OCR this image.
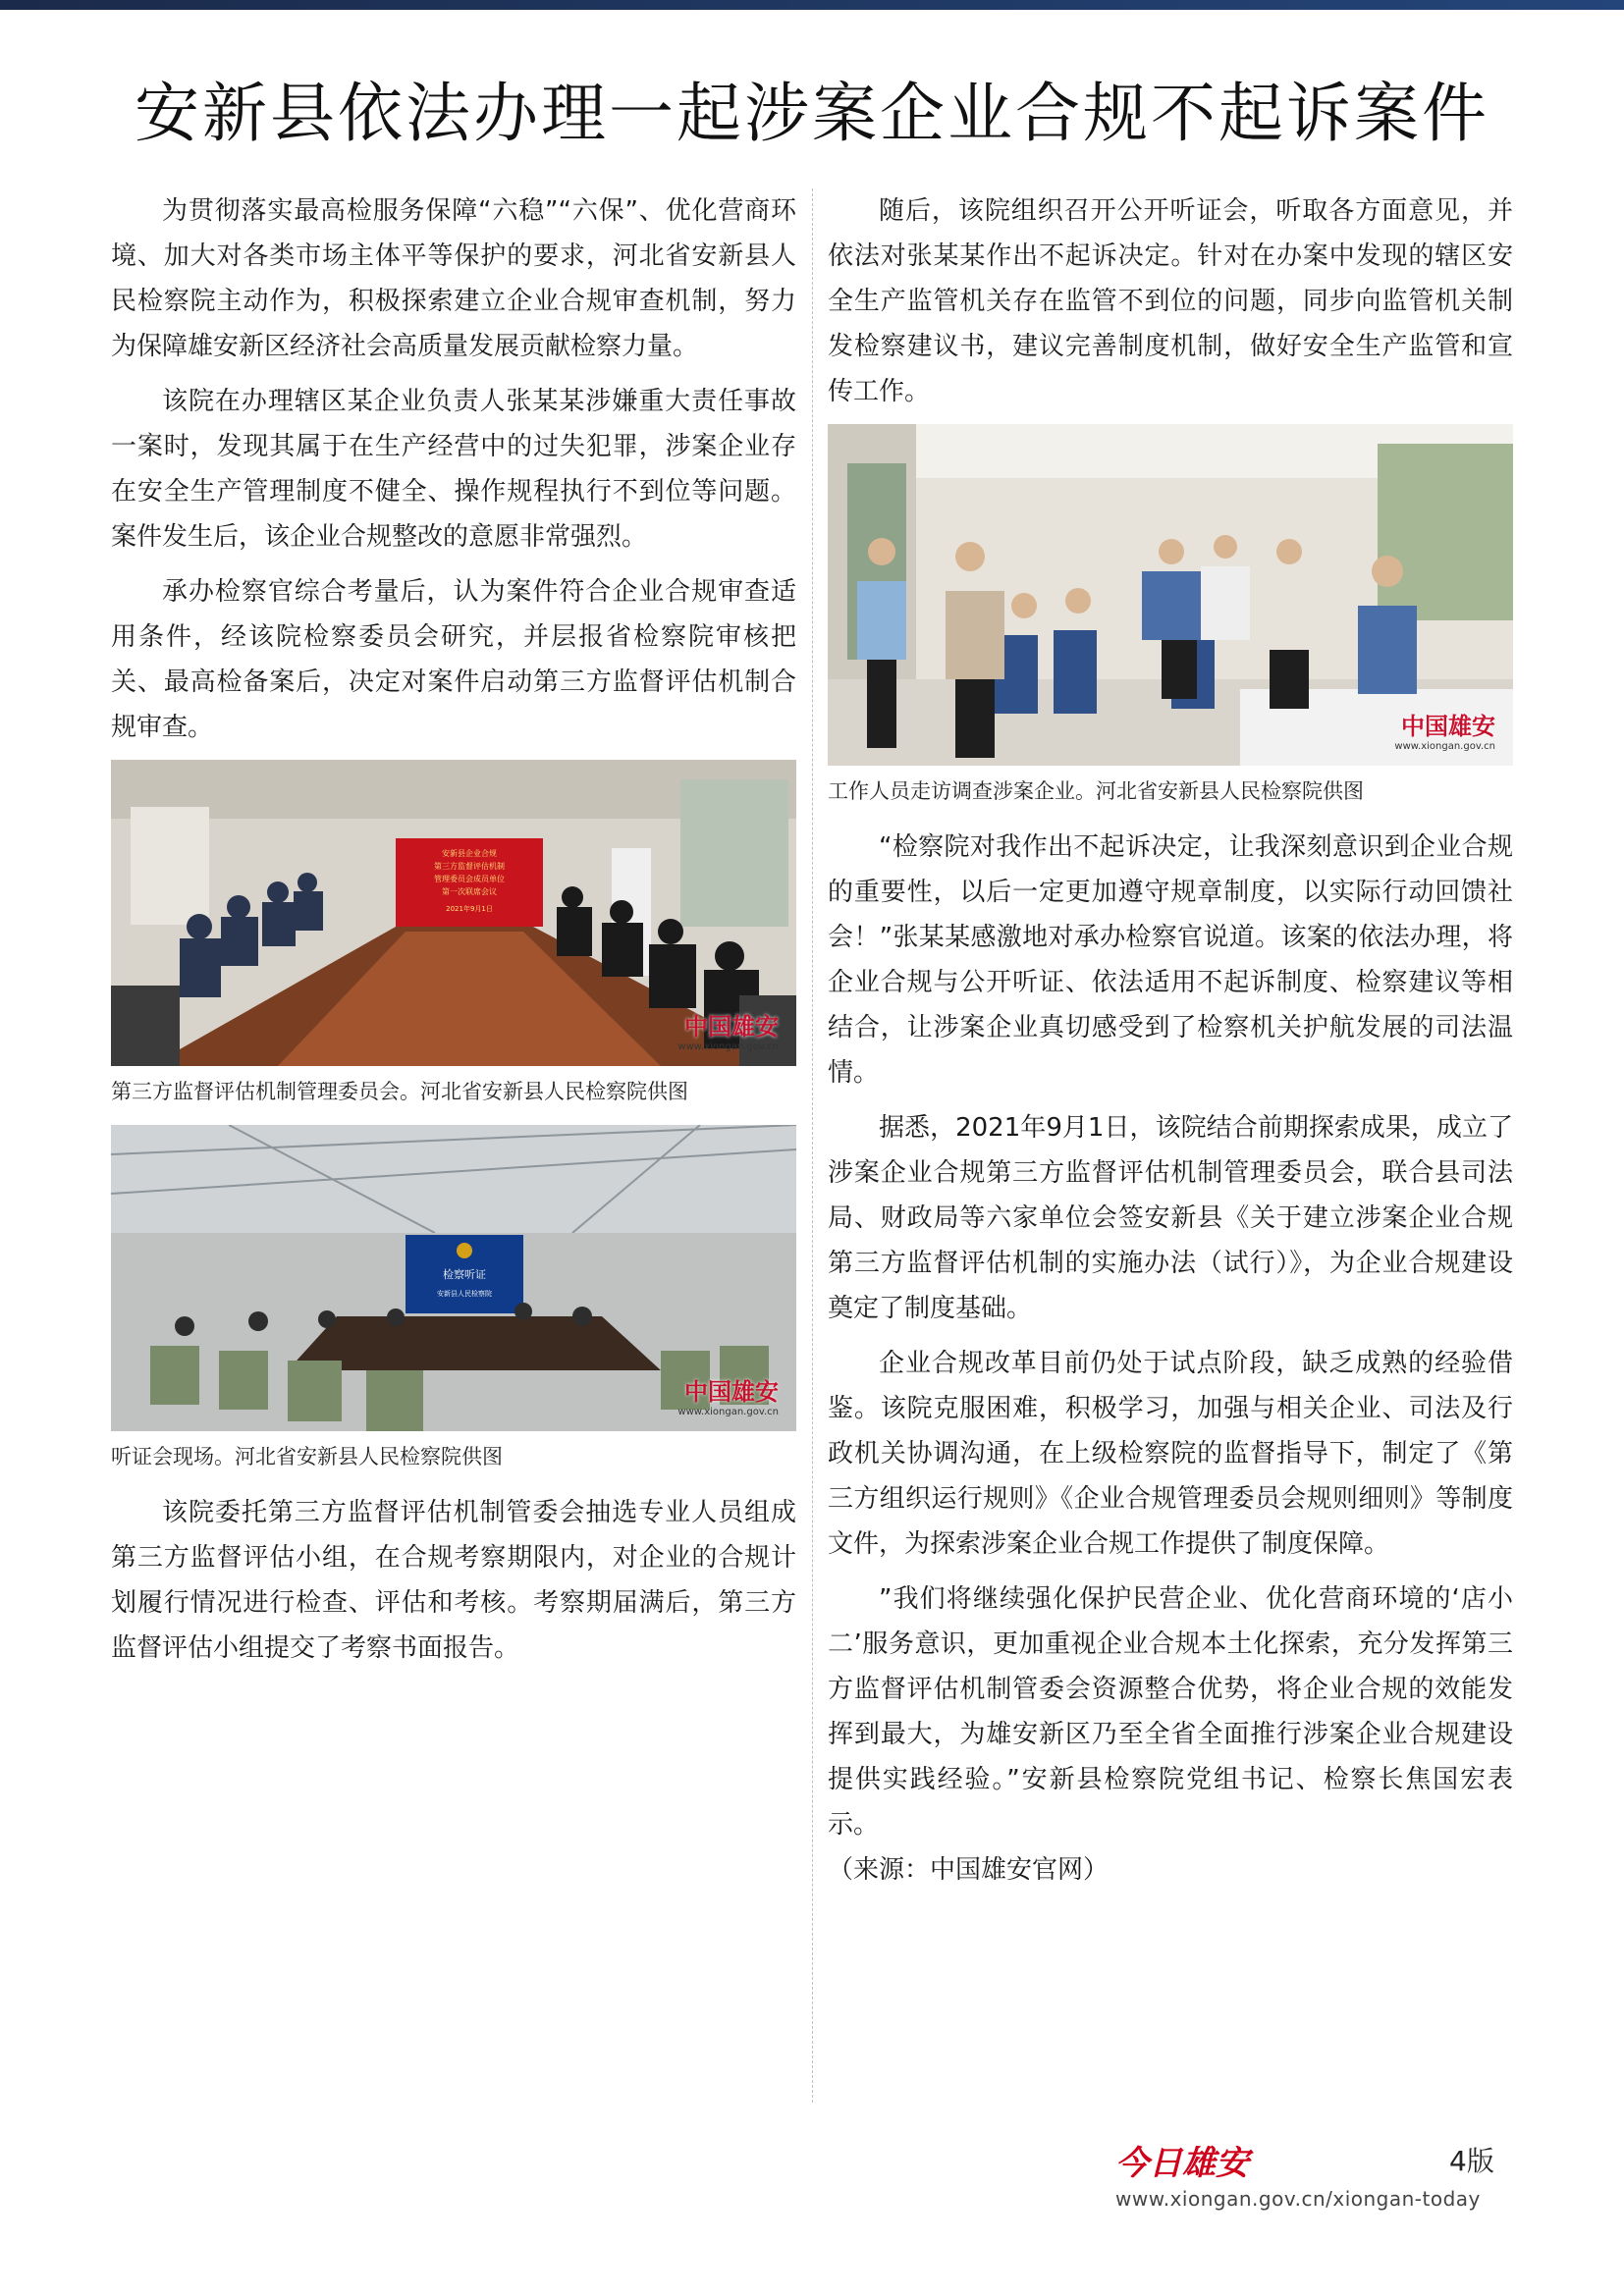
安新县依法办理一起涉案企业合规不起诉案件

为贯彻落实最高检服务保障“六稳”“六保”、优化营商环境、加大对各类市场主体平等保护的要求，河北省安新县人民检察院主动作为，积极探索建立企业合规审查机制，努力为保障雄安新区经济社会高质量发展贡献检察力量。

该院在办理辖区某企业负责人张某某涉嫌重大责任事故一案时，发现其属于在生产经营中的过失犯罪，涉案企业存在安全生产管理制度不健全、操作规程执行不到位等问题。案件发生后，该企业合规整改的意愿非常强烈。

承办检察官综合考量后，认为案件符合企业合规审查适用条件，经该院检察委员会研究，并层报省检察院审核把关、最高检备案后，决定对案件启动第三方监督评估机制合规审查。

安新县企业合规
第三方监督评估机制
管理委员会成员单位
第一次联席会议
2021年9月1日
中国雄安
www.xiongan.gov.cn
第三方监督评估机制管理委员会。河北省安新县人民检察院供图
检察听证
安新县人民检察院
中国雄安
www.xiongan.gov.cn
听证会现场。河北省安新县人民检察院供图

该院委托第三方监督评估机制管委会抽选专业人员组成第三方监督评估小组，在合规考察期限内，对企业的合规计划履行情况进行检查、评估和考核。考察期届满后，第三方监督评估小组提交了考察书面报告。

随后，该院组织召开公开听证会，听取各方面意见，并依法对张某某作出不起诉决定。针对在办案中发现的辖区安全生产监管机关存在监管不到位的问题，同步向监管机关制发检察建议书，建议完善制度机制，做好安全生产监管和宣传工作。

中国雄安
www.xiongan.gov.cn
工作人员走访调查涉案企业。河北省安新县人民检察院供图

“检察院对我作出不起诉决定，让我深刻意识到企业合规的重要性，以后一定更加遵守规章制度，以实际行动回馈社会！”张某某感激地对承办检察官说道。该案的依法办理，将企业合规与公开听证、依法适用不起诉制度、检察建议等相结合，让涉案企业真切感受到了检察机关护航发展的司法温情。

据悉，2021年9月1日，该院结合前期探索成果，成立了涉案企业合规第三方监督评估机制管理委员会，联合县司法局、财政局等六家单位会签安新县《关于建立涉案企业合规第三方监督评估机制的实施办法（试行）》，为企业合规建设奠定了制度基础。

企业合规改革目前仍处于试点阶段，缺乏成熟的经验借鉴。该院克服困难，积极学习，加强与相关企业、司法及行政机关协调沟通，在上级检察院的监督指导下，制定了《第三方组织运行规则》《企业合规管理委员会规则细则》等制度文件，为探索涉案企业合规工作提供了制度保障。

”我们将继续强化保护民营企业、优化营商环境的‘店小二’服务意识，更加重视企业合规本土化探索，充分发挥第三方监督评估机制管委会资源整合优势，将企业合规的效能发挥到最大，为雄安新区乃至全省全面推行涉案企业合规建设提供实践经验。”安新县检察院党组书记、检察长焦国宏表示。

（来源：中国雄安官网）

今日雄安	4版
www.xiongan.gov.cn/xiongan-today
